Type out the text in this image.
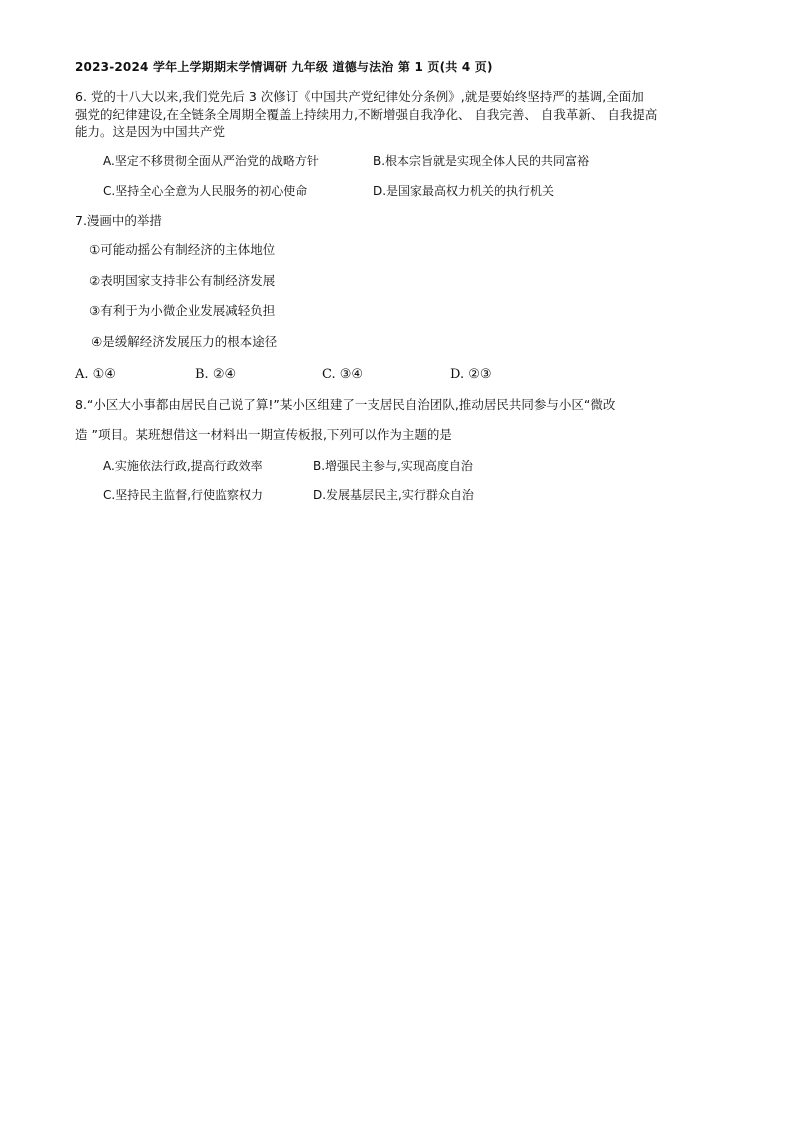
2023-2024 学年上学期期末学情调研 九年级 道德与法治 第 1 页(共 4 页)
6. 党的十八大以来,我们党先后 3 次修订《中国共产党纪律处分条例》,就是要始终坚持严的基调,全面加
强党的纪律建设,在全链条全周期全覆盖上持续用力,不断增强自我净化、 自我完善、 自我革新、 自我提高
能力。这是因为中国共产党
A.坚定不移贯彻全面从严治党的战略方针	B.根本宗旨就是实现全体人民的共同富裕
C.坚持全心全意为人民服务的初心使命	D.是国家最高权力机关的执行机关
7.漫画中的举措
①可能动摇公有制经济的主体地位
②表明国家支持非公有制经济发展
③有利于为小微企业发展减轻负担
④是缓解经济发展压力的根本途径
A. ①④	B. ②④	C. ③④	D. ②③
8.“小区大小事都由居民自己说了算!”某小区组建了一支居民自治团队,推动居民共同参与小区“微改
造 ”项目。某班想借这一材料出一期宣传板报,下列可以作为主题的是
A.实施依法行政,提高行政效率	B.增强民主参与,实现高度自治
C.坚持民主监督,行使监察权力	D.发展基层民主,实行群众自治
